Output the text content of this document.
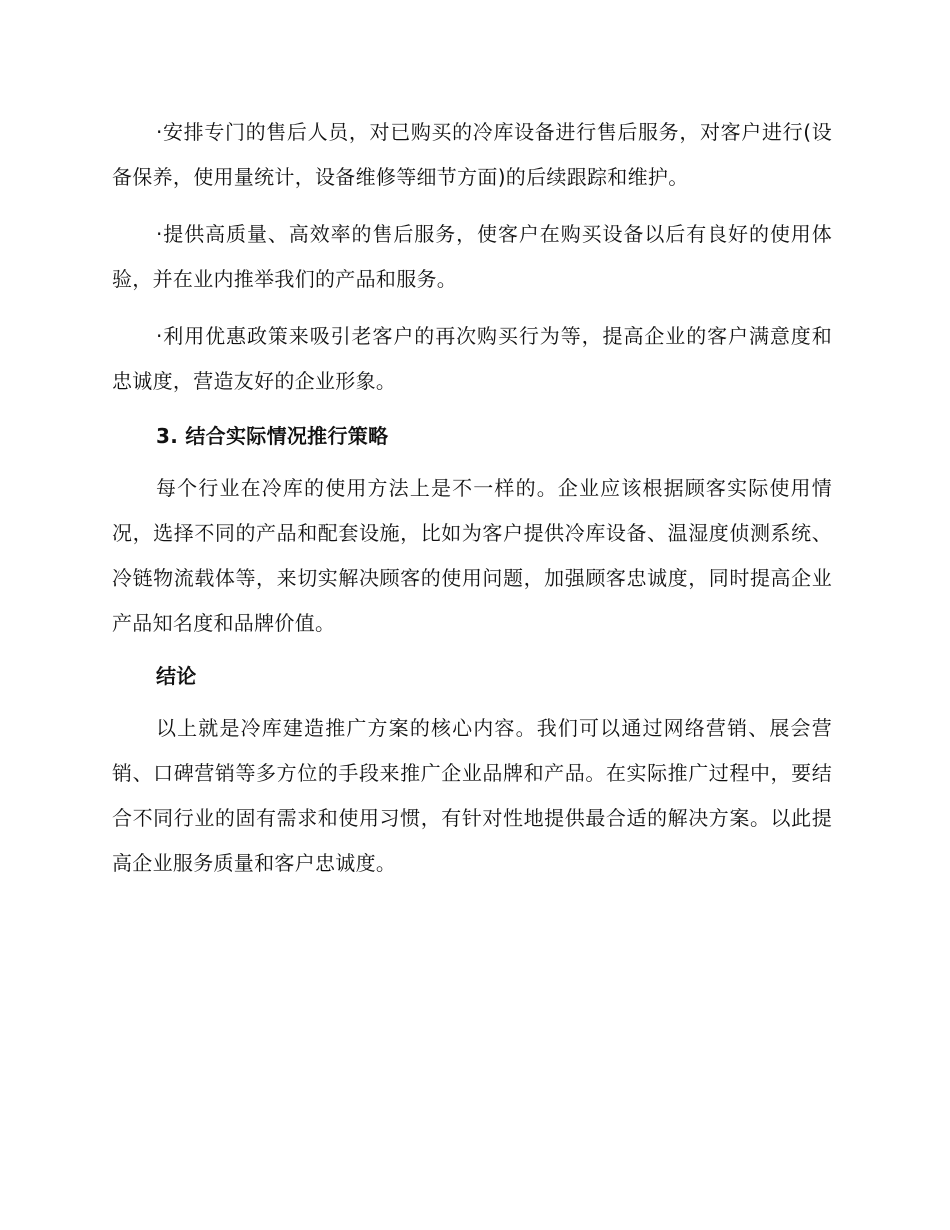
·安排专门的售后人员，对已购买的冷库设备进行售后服务，对客户进行(设备保养，使用量统计，设备维修等细节方面)的后续跟踪和维护。

·提供高质量、高效率的售后服务，使客户在购买设备以后有良好的使用体验，并在业内推举我们的产品和服务。

·利用优惠政策来吸引老客户的再次购买行为等，提高企业的客户满意度和忠诚度，营造友好的企业形象。

3. 结合实际情况推行策略

每个行业在冷库的使用方法上是不一样的。企业应该根据顾客实际使用情况，选择不同的产品和配套设施，比如为客户提供冷库设备、温湿度侦测系统、冷链物流载体等，来切实解决顾客的使用问题，加强顾客忠诚度，同时提高企业产品知名度和品牌价值。

结论

以上就是冷库建造推广方案的核心内容。我们可以通过网络营销、展会营销、口碑营销等多方位的手段来推广企业品牌和产品。在实际推广过程中，要结合不同行业的固有需求和使用习惯，有针对性地提供最合适的解决方案。以此提高企业服务质量和客户忠诚度。
